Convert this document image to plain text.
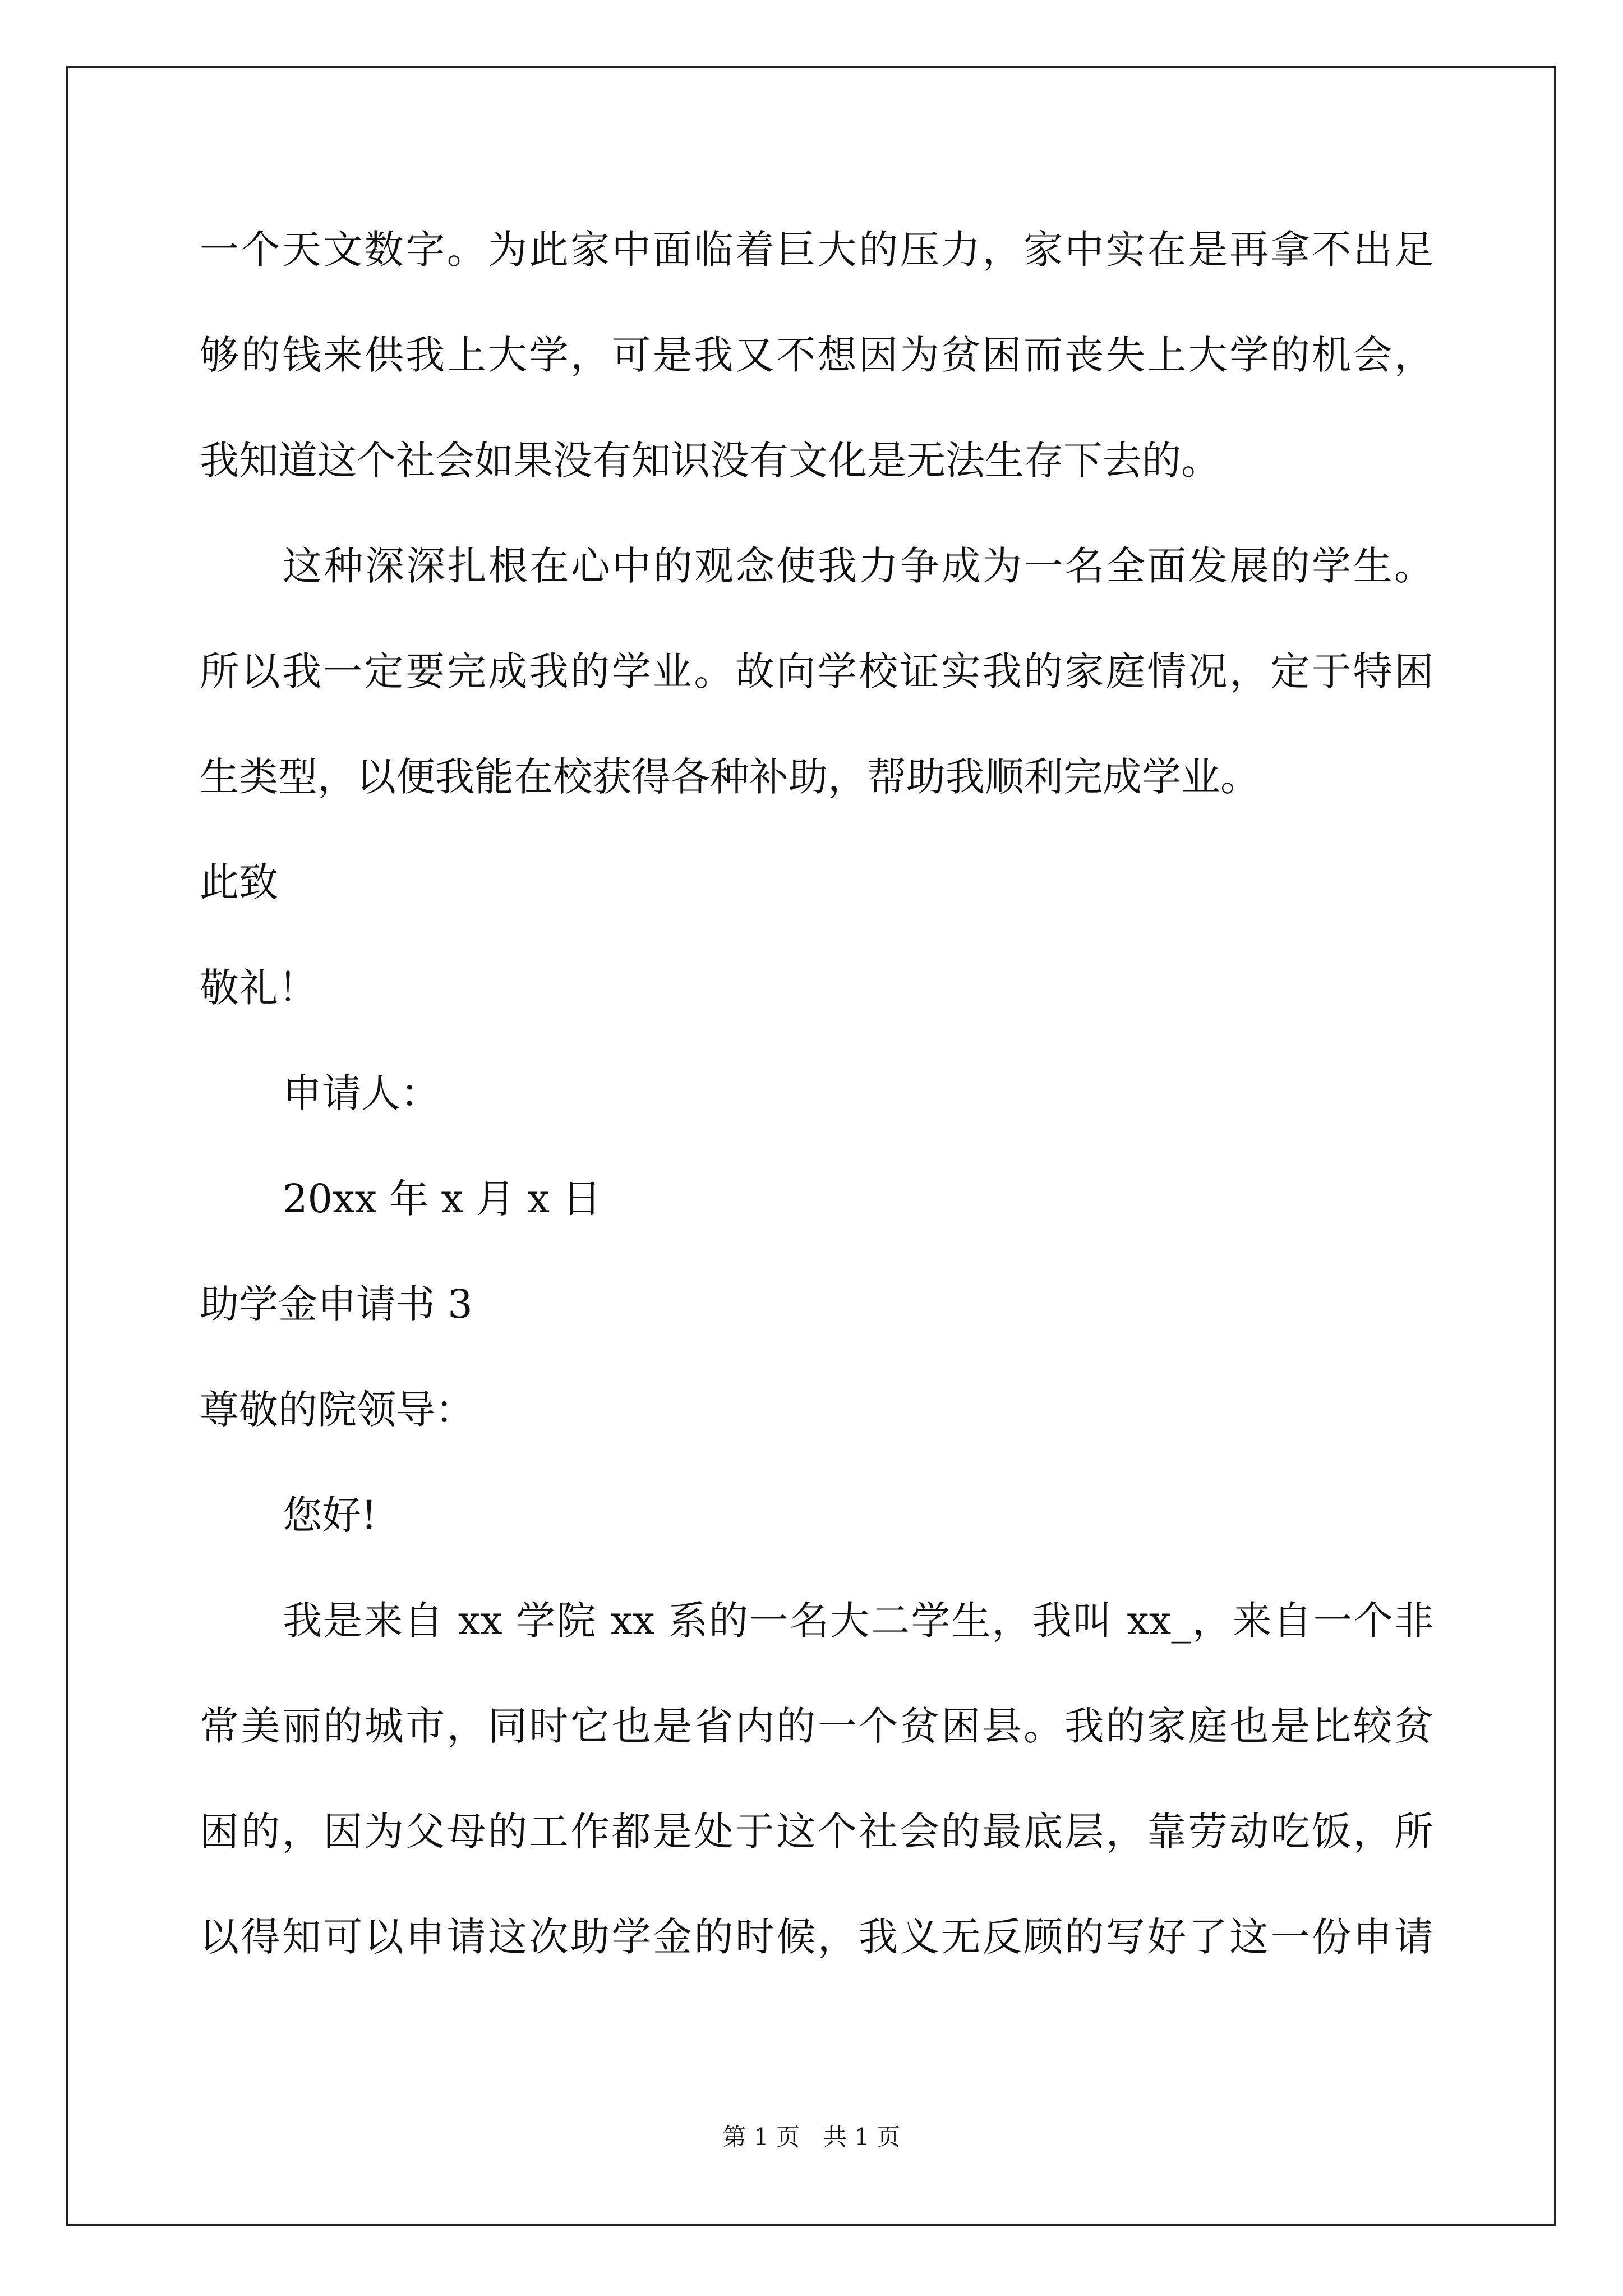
一个天文数字。为此家中面临着巨大的压力，家中实在是再拿不出足
够的钱来供我上大学，可是我又不想因为贫困而丧失上大学的机会，
我知道这个社会如果没有知识没有文化是无法生存下去的。
这种深深扎根在心中的观念使我力争成为一名全面发展的学生。
所以我一定要完成我的学业。故向学校证实我的家庭情况，定于特困
生类型，以便我能在校获得各种补助，帮助我顺利完成学业。
此致
敬礼！
申请人：
20xx 年 x 月 x 日
助学金申请书 3
尊敬的院领导：
您好!
我是来自 xx 学院 xx 系的一名大二学生，我叫 xx_，来自一个非
常美丽的城市，同时它也是省内的一个贫困县。我的家庭也是比较贫
困的，因为父母的工作都是处于这个社会的最底层，靠劳动吃饭，所
以得知可以申请这次助学金的时候，我义无反顾的写好了这一份申请
第 1 页　共 1 页
